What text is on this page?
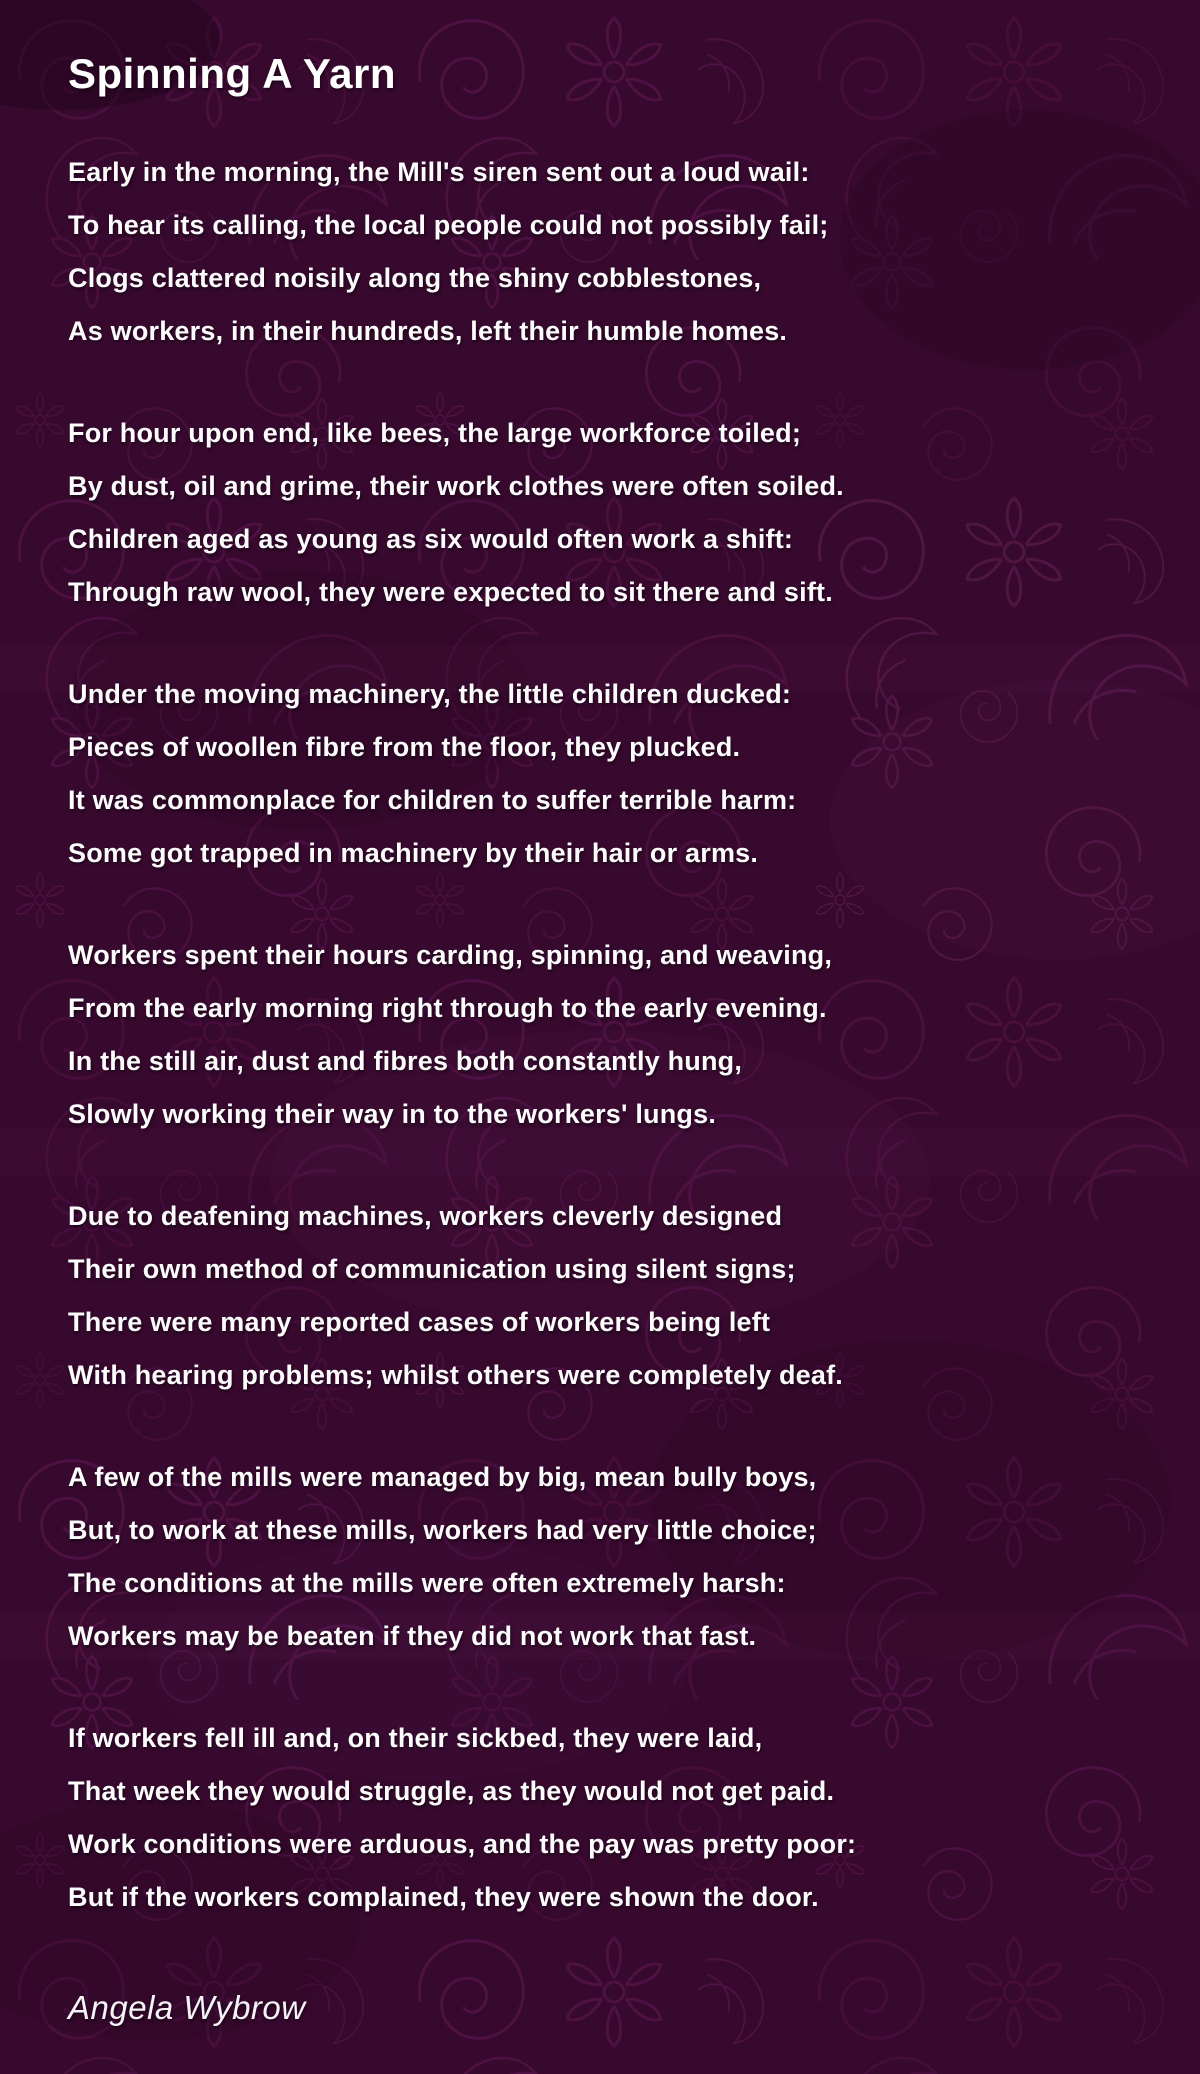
Spinning A Yarn
Early in the morning, the Mill's siren sent out a loud wail:
To hear its calling, the local people could not possibly fail;
Clogs clattered noisily along the shiny cobblestones,
As workers, in their hundreds, left their humble homes.
For hour upon end, like bees, the large workforce toiled;
By dust, oil and grime, their work clothes were often soiled.
Children aged as young as six would often work a shift:
Through raw wool, they were expected to sit there and sift.
Under the moving machinery, the little children ducked:
Pieces of woollen fibre from the floor, they plucked.
It was commonplace for children to suffer terrible harm:
Some got trapped in machinery by their hair or arms.
Workers spent their hours carding, spinning, and weaving,
From the early morning right through to the early evening.
In the still air, dust and fibres both constantly hung,
Slowly working their way in to the workers' lungs.
Due to deafening machines, workers cleverly designed
Their own method of communication using silent signs;
There were many reported cases of workers being left
With hearing problems; whilst others were completely deaf.
A few of the mills were managed by big, mean bully boys,
But, to work at these mills, workers had very little choice;
The conditions at the mills were often extremely harsh:
Workers may be beaten if they did not work that fast.
If workers fell ill and, on their sickbed, they were laid,
That week they would struggle, as they would not get paid.
Work conditions were arduous, and the pay was pretty poor:
But if the workers complained, they were shown the door.
Angela Wybrow
